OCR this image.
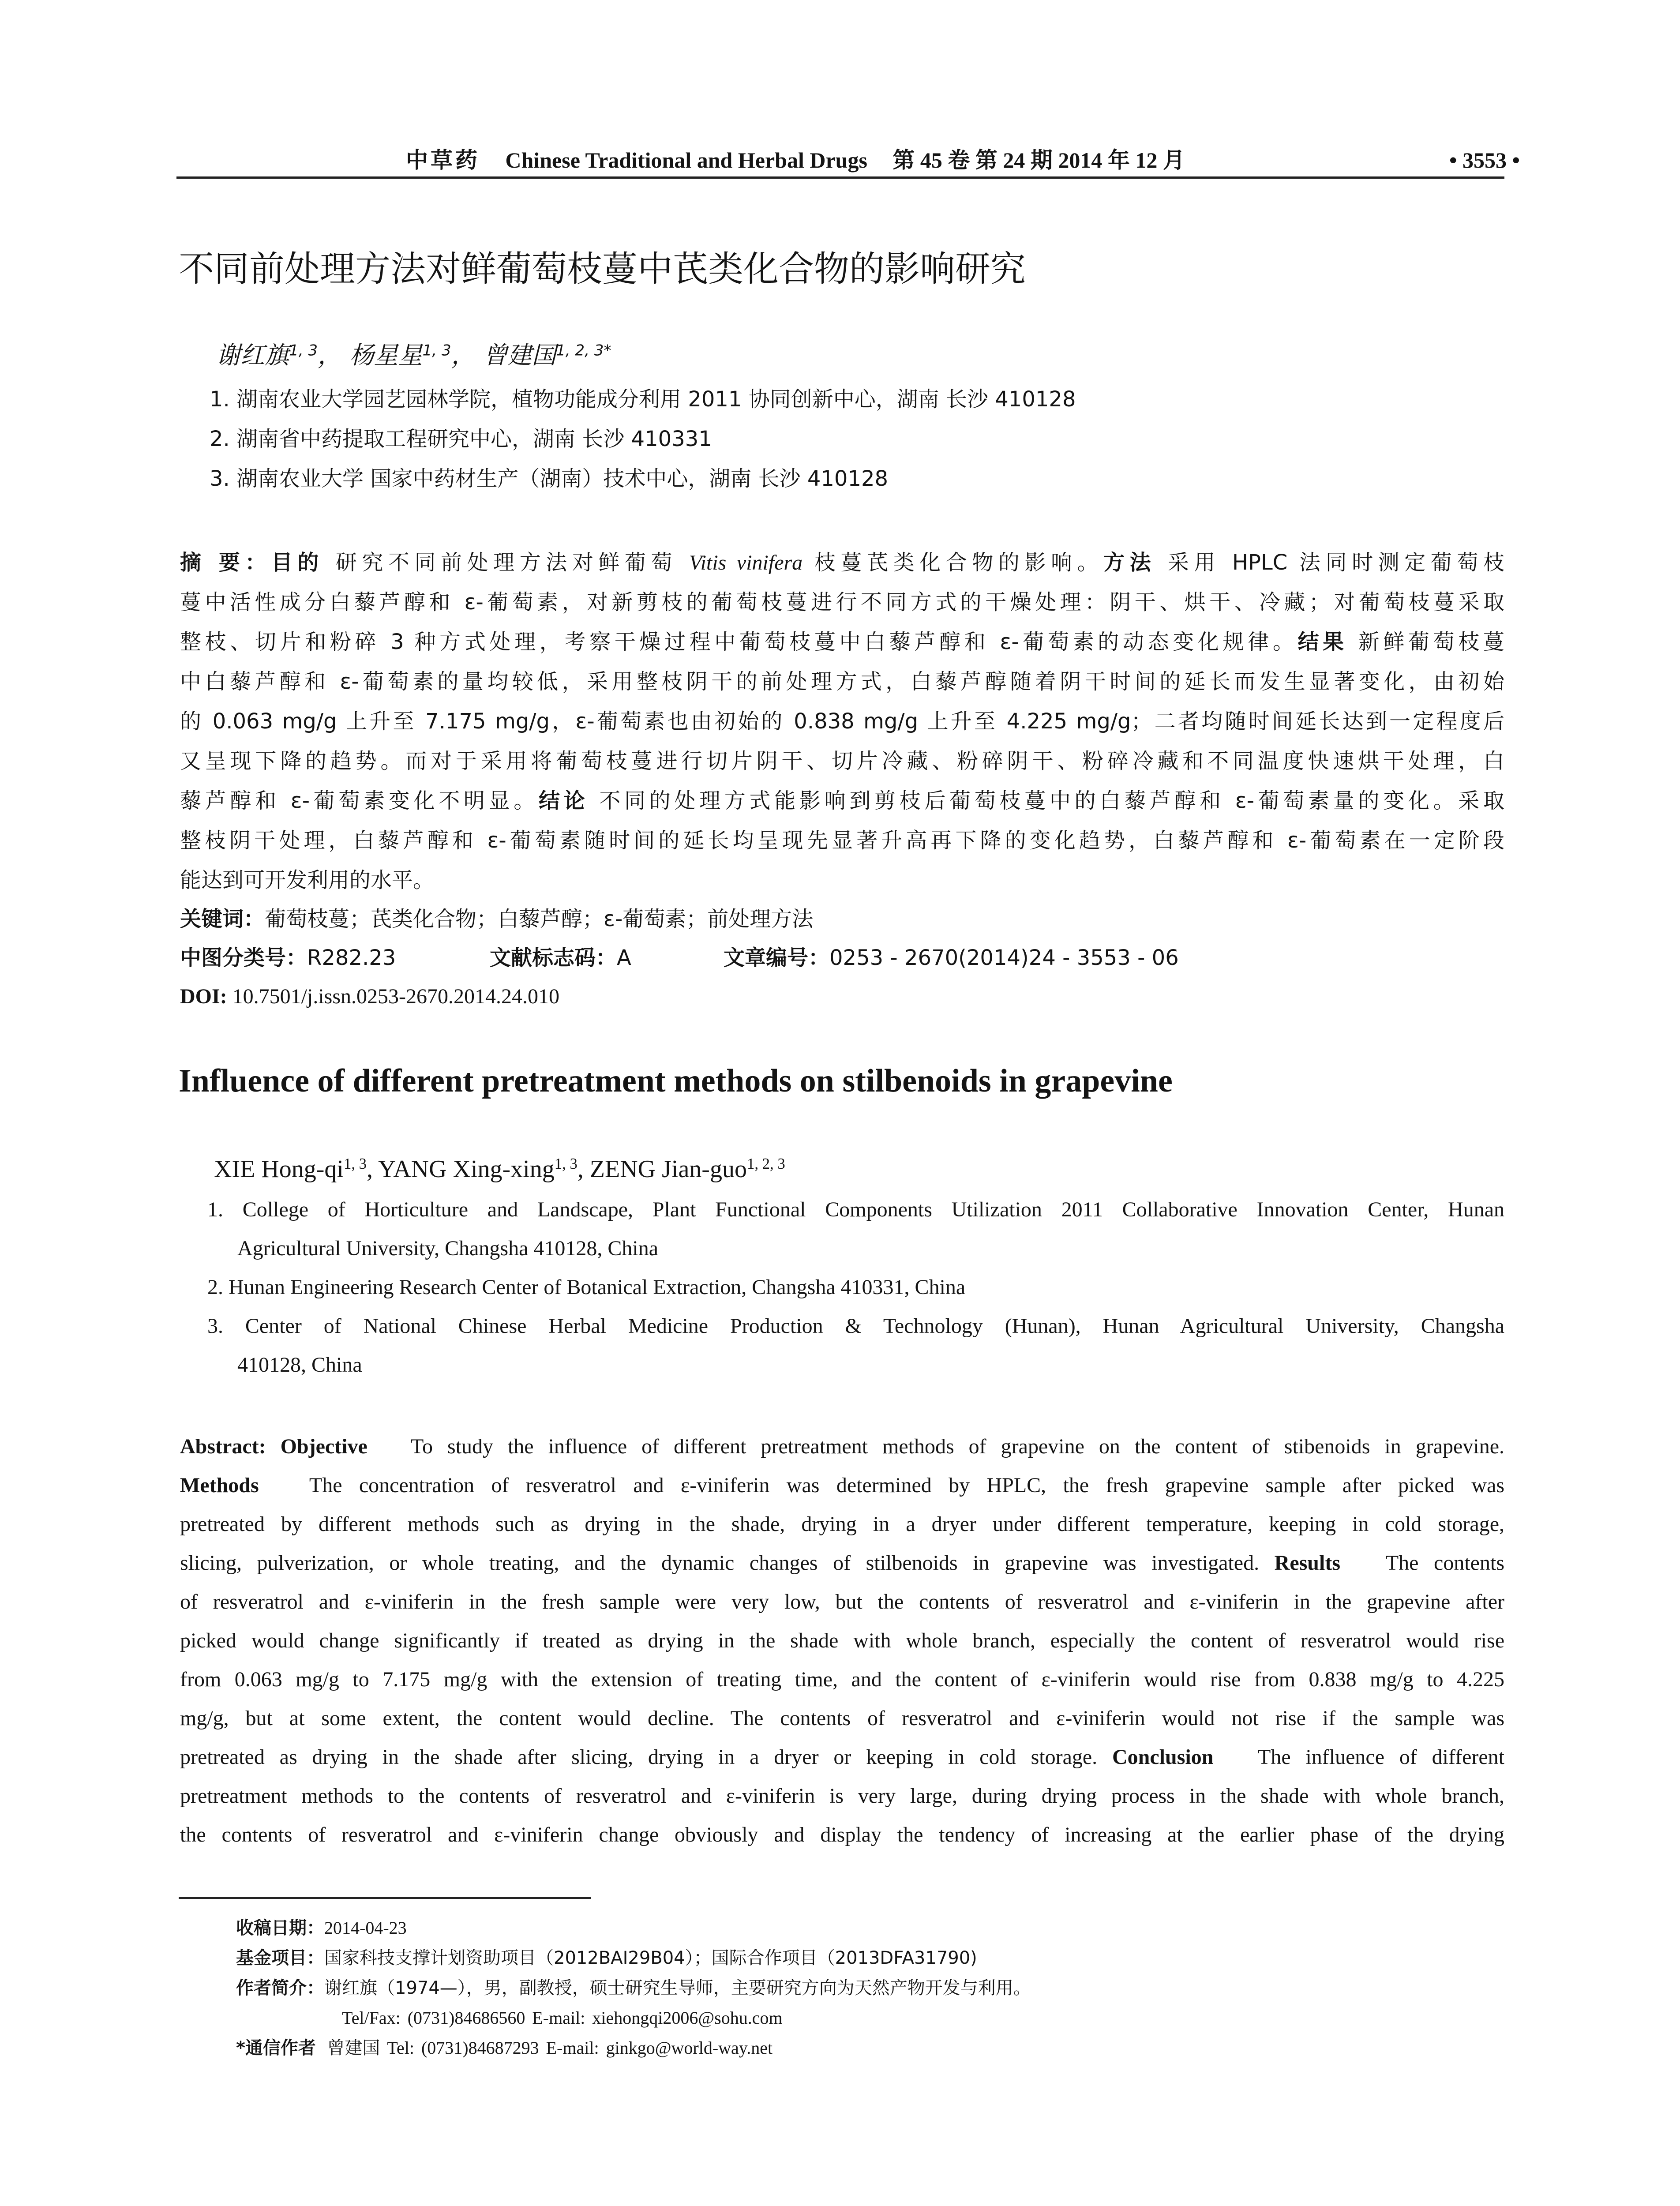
中草药 Chinese Traditional and Herbal Drugs 第 45 卷 第 24 期 2014 年 12 月	• 3553 •
不同前处理方法对鲜葡萄枝蔓中芪类化合物的影响研究
谢红旗$^{1, 3}$， 杨星星$^{1, 3}$， 曾建国$^{1, 2, 3*}$
1. 湖南农业大学园艺园林学院，植物功能成分利用 2011 协同创新中心，湖南 长沙 410128
2. 湖南省中药提取工程研究中心，湖南 长沙 410331
3. 湖南农业大学 国家中药材生产（湖南）技术中心，湖南 长沙 410128
摘 要：目的 研究不同前处理方法对鲜葡萄 Vitis vinifera 枝蔓芪类化合物的影响。方法 采用 HPLC 法同时测定葡萄枝
蔓中活性成分白藜芦醇和 ε-葡萄素，对新剪枝的葡萄枝蔓进行不同方式的干燥处理：阴干、烘干、冷藏；对葡萄枝蔓采取
整枝、切片和粉碎 3 种方式处理，考察干燥过程中葡萄枝蔓中白藜芦醇和 ε-葡萄素的动态变化规律。结果 新鲜葡萄枝蔓
中白藜芦醇和 ε-葡萄素的量均较低，采用整枝阴干的前处理方式，白藜芦醇随着阴干时间的延长而发生显著变化，由初始
的 0.063 mg/g 上升至 7.175 mg/g，ε-葡萄素也由初始的 0.838 mg/g 上升至 4.225 mg/g；二者均随时间延长达到一定程度后
又呈现下降的趋势。而对于采用将葡萄枝蔓进行切片阴干、切片冷藏、粉碎阴干、粉碎冷藏和不同温度快速烘干处理，白
藜芦醇和 ε-葡萄素变化不明显。结论 不同的处理方式能影响到剪枝后葡萄枝蔓中的白藜芦醇和 ε-葡萄素量的变化。采取
整枝阴干处理，白藜芦醇和 ε-葡萄素随时间的延长均呈现先显著升高再下降的变化趋势，白藜芦醇和 ε-葡萄素在一定阶段
能达到可开发利用的水平。
关键词：葡萄枝蔓；芪类化合物；白藜芦醇；ε-葡萄素；前处理方法
中图分类号：R282.23	文献标志码：A	文章编号：0253 - 2670(2014)24 - 3553 - 06
DOI: 10.7501/j.issn.0253-2670.2014.24.010
Influence of different pretreatment methods on stilbenoids in grapevine
XIE Hong-qi$^{1, 3}$, YANG Xing-xing$^{1, 3}$, ZENG Jian-guo$^{1, 2, 3}$
1. College of Horticulture and Landscape, Plant Functional Components Utilization 2011 Collaborative Innovation Center, Hunan
Agricultural University, Changsha 410128, China
2. Hunan Engineering Research Center of Botanical Extraction, Changsha 410331, China
3. Center of National Chinese Herbal Medicine Production & Technology (Hunan), Hunan Agricultural University, Changsha
410128, China
Abstract: Objective To study the influence of different pretreatment methods of grapevine on the content of stibenoids in grapevine.
Methods The concentration of resveratrol and ε-viniferin was determined by HPLC, the fresh grapevine sample after picked was
pretreated by different methods such as drying in the shade, drying in a dryer under different temperature, keeping in cold storage,
slicing, pulverization, or whole treating, and the dynamic changes of stilbenoids in grapevine was investigated. Results The contents
of resveratrol and ε-viniferin in the fresh sample were very low, but the contents of resveratrol and ε-viniferin in the grapevine after
picked would change significantly if treated as drying in the shade with whole branch, especially the content of resveratrol would rise
from 0.063 mg/g to 7.175 mg/g with the extension of treating time, and the content of ε-viniferin would rise from 0.838 mg/g to 4.225
mg/g, but at some extent, the content would decline. The contents of resveratrol and ε-viniferin would not rise if the sample was
pretreated as drying in the shade after slicing, drying in a dryer or keeping in cold storage. Conclusion The influence of different
pretreatment methods to the contents of resveratrol and ε-viniferin is very large, during drying process in the shade with whole branch,
the contents of resveratrol and ε-viniferin change obviously and display the tendency of increasing at the earlier phase of the drying
收稿日期：2014-04-23
基金项目：国家科技支撑计划资助项目（2012BAI29B04）；国际合作项目（2013DFA31790)
作者简介：谢红旗（1974—），男，副教授，硕士研究生导师，主要研究方向为天然产物开发与利用。
Tel/Fax: (0731)84686560 E-mail: xiehongqi2006@sohu.com
*通信作者 曾建国 Tel: (0731)84687293 E-mail: ginkgo@world-way.net
